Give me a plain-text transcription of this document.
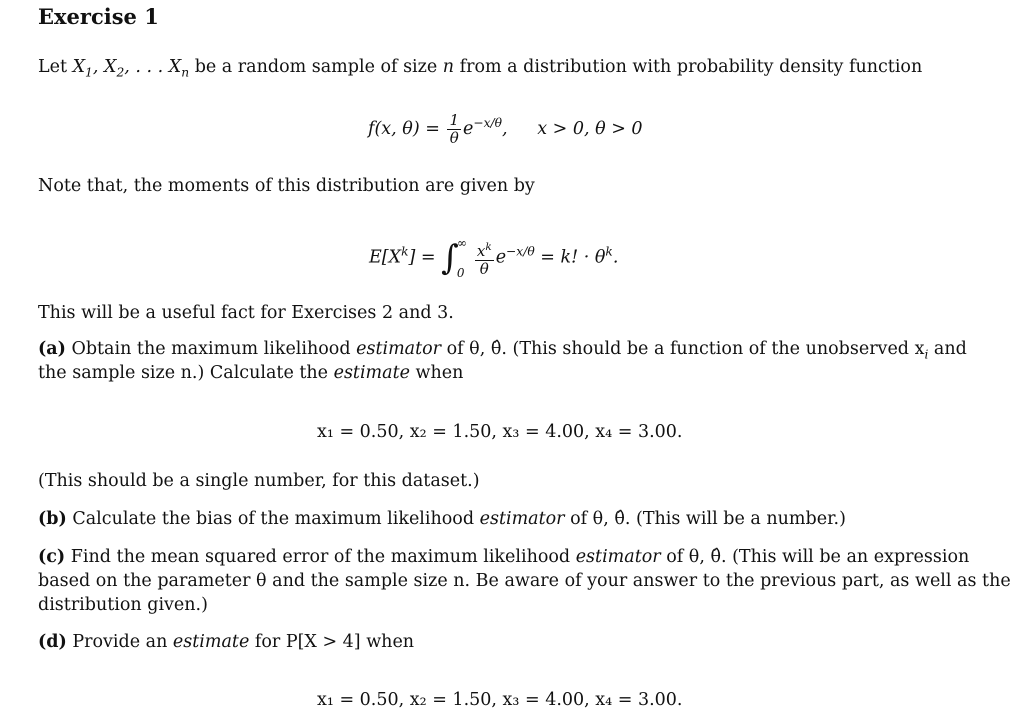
Exercise 1
Let $X_1$, $X_2$, . . . $X_n$ be a random sample of size n from a distribution with probability density function
f(x, $\theta) = \frac{1}{\theta} e^{-x/\theta}$, x > 0, θ > 0
Note that, the moments of this distribution are given by
$E[X^k]$ = ∫
∞
$0 \frac{x^k}{\theta} e^{-x/\theta} = k$! · $\theta^k$.
This will be a useful fact for Exercises 2 and 3.
(a) Obtain the maximum likelihood estimator of θ, θ̂. (This should be a function of the unobserved $x_i$ and
the sample size n.) Calculate the estimate when
x₁ = 0.50, x₂ = 1.50, x₃ = 4.00, x₄ = 3.00.
(This should be a single number, for this dataset.)
(b) Calculate the bias of the maximum likelihood estimator of θ, θ̂. (This will be a number.)
(c) Find the mean squared error of the maximum likelihood estimator of θ, θ̂. (This will be an expression
based on the parameter θ and the sample size n. Be aware of your answer to the previous part, as well as the
distribution given.)
(d) Provide an estimate for P[X > 4] when
x₁ = 0.50, x₂ = 1.50, x₃ = 4.00, x₄ = 3.00.
